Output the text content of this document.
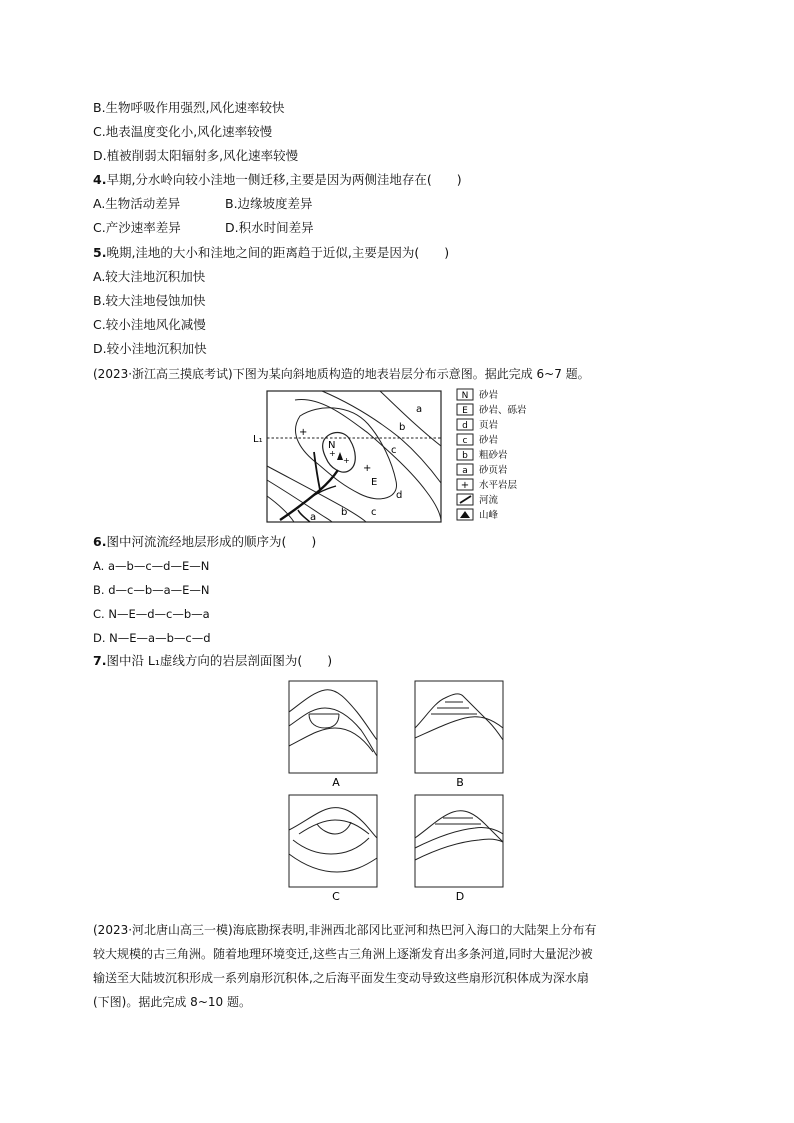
B.生物呼吸作用强烈,风化速率较快
C.地表温度变化小,风化速率较慢
D.植被削弱太阳辐射多,风化速率较慢
4.早期,分水岭向较小洼地一侧迁移,主要是因为两侧洼地存在(　　)
A.生物活动差异	B.边缘坡度差异
C.产沙速率差异	D.积水时间差异
5.晚期,洼地的大小和洼地之间的距离趋于近似,主要是因为(　　)
A.较大洼地沉积加快
B.较大洼地侵蚀加快
C.较小洼地风化减慢
D.较小洼地沉积加快
(2023·浙江高三摸底考试)下图为某向斜地质构造的地表岩层分布示意图。据此完成 6~7 题。
L₁
+
+
+
+
a
b
c
d
a b c
E
N
N 砂岩
E 砂岩、砾岩
d 页岩
c 砂岩
b 粗砂岩
a 砂页岩
+ 水平岩层
河流
山峰
6.图中河流流经地层形成的顺序为(　　)
A. a—b—c—d—E—N
B. d—c—b—a—E—N
C. N—E—d—c—b—a
D. N—E—a—b—c—d
7.图中沿 L₁虚线方向的岩层剖面图为(　　)
A	B
C	D
(2023·河北唐山高三一模)海底勘探表明,非洲西北部冈比亚河和热巴河入海口的大陆架上分布有
较大规模的古三角洲。随着地理环境变迁,这些古三角洲上逐渐发育出多条河道,同时大量泥沙被
输送至大陆坡沉积形成一系列扇形沉积体,之后海平面发生变动导致这些扇形沉积体成为深水扇
(下图)。据此完成 8~10 题。
